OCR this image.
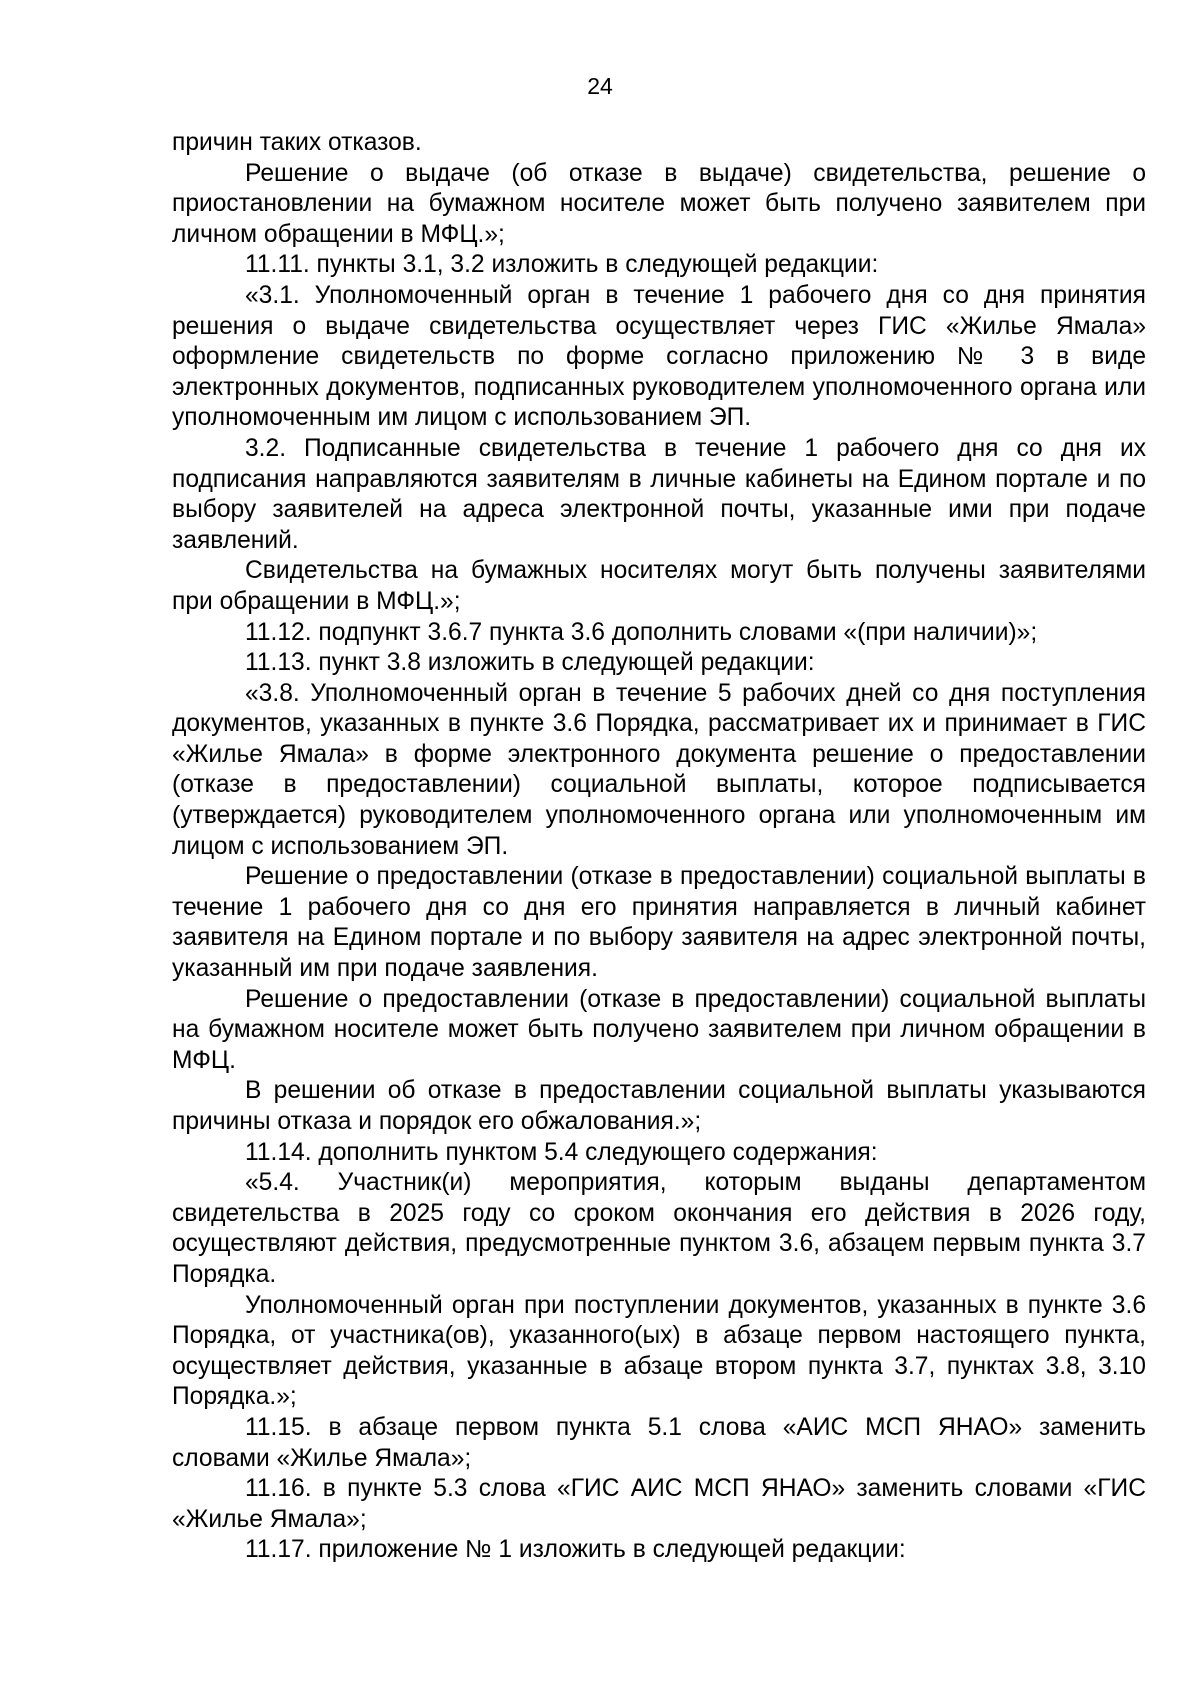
24

причин таких отказов.

Решение о выдаче (об отказе в выдаче) свидетельства, решение о приостановлении на бумажном носителе может быть получено заявителем при личном обращении в МФЦ.»;

11.11. пункты 3.1, 3.2 изложить в следующей редакции:

«3.1. Уполномоченный орган в течение 1 рабочего дня со дня принятия решения о выдаче свидетельства осуществляет через ГИС «Жилье Ямала» оформление свидетельств по форме согласно приложению № 3 в виде электронных документов, подписанных руководителем уполномоченного органа или уполномоченным им лицом с использованием ЭП.

3.2. Подписанные свидетельства в течение 1 рабочего дня со дня их подписания направляются заявителям в личные кабинеты на Едином портале и по выбору заявителей на адреса электронной почты, указанные ими при подаче заявлений.

Свидетельства на бумажных носителях могут быть получены заявителями при обращении в МФЦ.»;

11.12. подпункт 3.6.7 пункта 3.6 дополнить словами «(при наличии)»;

11.13. пункт 3.8 изложить в следующей редакции:

«3.8. Уполномоченный орган в течение 5 рабочих дней со дня поступления документов, указанных в пункте 3.6 Порядка, рассматривает их и принимает в ГИС «Жилье Ямала» в форме электронного документа решение о предоставлении (отказе в предоставлении) социальной выплаты, которое подписывается (утверждается) руководителем уполномоченного органа или уполномоченным им лицом с использованием ЭП.

Решение о предоставлении (отказе в предоставлении) социальной выплаты в течение 1 рабочего дня со дня его принятия направляется в личный кабинет заявителя на Едином портале и по выбору заявителя на адрес электронной почты, указанный им при подаче заявления.

Решение о предоставлении (отказе в предоставлении) социальной выплаты на бумажном носителе может быть получено заявителем при личном обращении в МФЦ.

В решении об отказе в предоставлении социальной выплаты указываются причины отказа и порядок его обжалования.»;

11.14. дополнить пунктом 5.4 следующего содержания:

«5.4. Участник(и) мероприятия, которым выданы департаментом свидетельства в 2025 году со сроком окончания его действия в 2026 году, осуществляют действия, предусмотренные пунктом 3.6, абзацем первым пункта 3.7 Порядка.

Уполномоченный орган при поступлении документов, указанных в пункте 3.6 Порядка, от участника(ов), указанного(ых) в абзаце первом настоящего пункта, осуществляет действия, указанные в абзаце втором пункта 3.7, пунктах 3.8, 3.10 Порядка.»;

11.15. в абзаце первом пункта 5.1 слова «АИС МСП ЯНАО» заменить словами «Жилье Ямала»;

11.16. в пункте 5.3 слова «ГИС АИС МСП ЯНАО» заменить словами «ГИС «Жилье Ямала»;

11.17. приложение № 1 изложить в следующей редакции:
